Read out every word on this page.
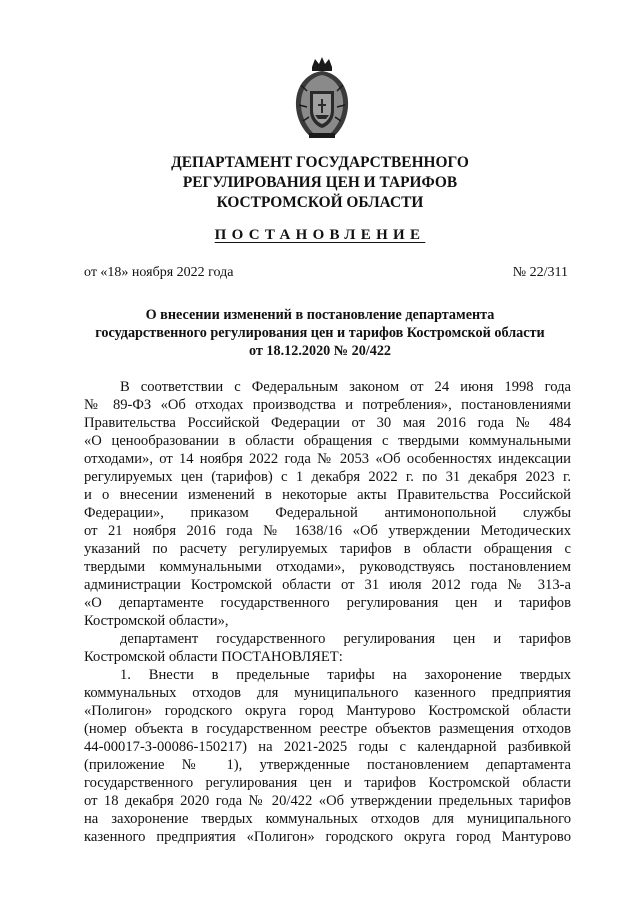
ДЕПАРТАМЕНТ ГОСУДАРСТВЕННОГО
РЕГУЛИРОВАНИЯ ЦЕН И ТАРИФОВ
КОСТРОМСКОЙ ОБЛАСТИ
ПОСТАНОВЛЕНИЕ
от «18» ноября 2022 года	№ 22/311
О внесении изменений в постановление департамента
государственного регулирования цен и тарифов Костромской области
от 18.12.2020 № 20/422
В соответствии с Федеральным законом от 24 июня 1998 года
№ 89-ФЗ «Об отходах производства и потребления», постановлениями
Правительства Российской Федерации от 30 мая 2016 года № 484
«О ценообразовании в области обращения с твердыми коммунальными
отходами», от 14 ноября 2022 года № 2053 «Об особенностях индексации
регулируемых цен (тарифов) с 1 декабря 2022 г. по 31 декабря 2023 г.
и о внесении изменений в некоторые акты Правительства Российской
Федерации», приказом Федеральной антимонопольной службы
от 21 ноября 2016 года № 1638/16 «Об утверждении Методических
указаний по расчету регулируемых тарифов в области обращения с
твердыми коммунальными отходами», руководствуясь постановлением
администрации Костромской области от 31 июля 2012 года № 313-а
«О департаменте государственного регулирования цен и тарифов
Костромской области»,
департамент государственного регулирования цен и тарифов
Костромской области ПОСТАНОВЛЯЕТ:
1. Внести в предельные тарифы на захоронение твердых
коммунальных отходов для муниципального казенного предприятия
«Полигон» городского округа город Мантурово Костромской области
(номер объекта в государственном реестре объектов размещения отходов
44-00017-З-00086-150217) на 2021-2025 годы с календарной разбивкой
(приложение № 1), утвержденные постановлением департамента
государственного регулирования цен и тарифов Костромской области
от 18 декабря 2020 года № 20/422 «Об утверждении предельных тарифов
на захоронение твердых коммунальных отходов для муниципального
казенного предприятия «Полигон» городского округа город Мантурово
